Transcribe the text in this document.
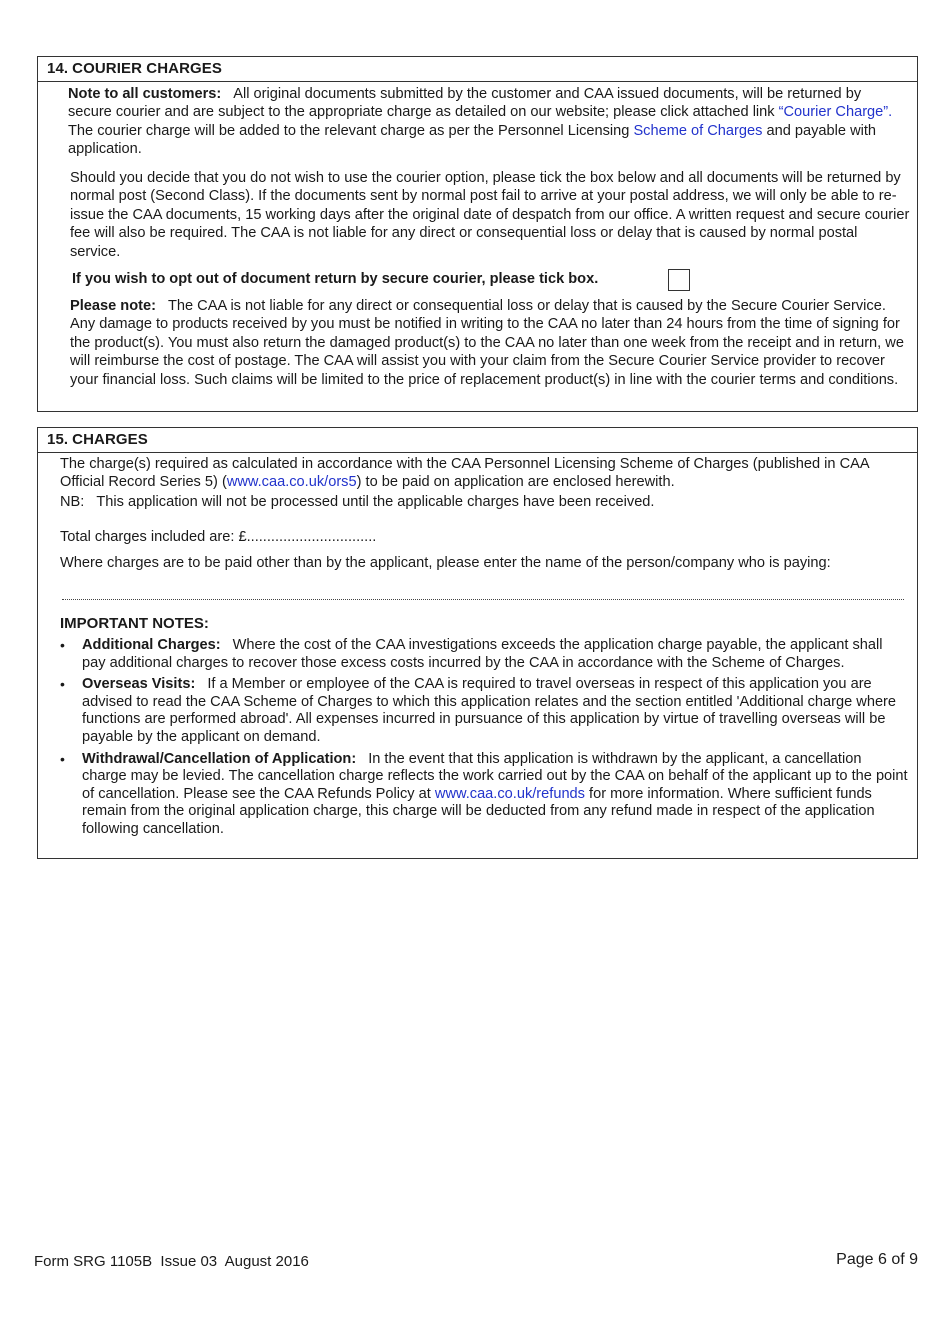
14. COURIER CHARGES

Note to all customers: All original documents submitted by the customer and CAA issued documents, will be returned by secure courier and are subject to the appropriate charge as detailed on our website; please click attached link “Courier Charge”. The courier charge will be added to the relevant charge as per the Personnel Licensing Scheme of Charges and payable with application.

Should you decide that you do not wish to use the courier option, please tick the box below and all documents will be returned by normal post (Second Class). If the documents sent by normal post fail to arrive at your postal address, we will only be able to re-issue the CAA documents, 15 working days after the original date of despatch from our office. A written request and secure courier fee will also be required. The CAA is not liable for any direct or consequential loss or delay that is caused by normal postal service.

If you wish to opt out of document return by secure courier, please tick box.

Please note: The CAA is not liable for any direct or consequential loss or delay that is caused by the Secure Courier Service. Any damage to products received by you must be notified in writing to the CAA no later than 24 hours from the time of signing for the product(s). You must also return the damaged product(s) to the CAA no later than one week from the receipt and in return, we will reimburse the cost of postage. The CAA will assist you with your claim from the Secure Courier Service provider to recover your financial loss. Such claims will be limited to the price of replacement product(s) in line with the courier terms and conditions.

15. CHARGES

The charge(s) required as calculated in accordance with the CAA Personnel Licensing Scheme of Charges (published in CAA Official Record Series 5) (www.caa.co.uk/ors5) to be paid on application are enclosed herewith.

NB: This application will not be processed until the applicable charges have been received.

Total charges included are: £................................

Where charges are to be paid other than by the applicant, please enter the name of the person/company who is paying:

IMPORTANT NOTES:

• Additional Charges: Where the cost of the CAA investigations exceeds the application charge payable, the applicant shall pay additional charges to recover those excess costs incurred by the CAA in accordance with the Scheme of Charges.
• Overseas Visits: If a Member or employee of the CAA is required to travel overseas in respect of this application you are advised to read the CAA Scheme of Charges to which this application relates and the section entitled 'Additional charge where functions are performed abroad'. All expenses incurred in pursuance of this application by virtue of travelling overseas will be payable by the applicant on demand.
• Withdrawal/Cancellation of Application: In the event that this application is withdrawn by the applicant, a cancellation charge may be levied. The cancellation charge reflects the work carried out by the CAA on behalf of the applicant up to the point of cancellation. Please see the CAA Refunds Policy at www.caa.co.uk/refunds for more information. Where sufficient funds remain from the original application charge, this charge will be deducted from any refund made in respect of the application following cancellation.
Form SRG 1105B  Issue 03  August 2016	Page 6 of 9
